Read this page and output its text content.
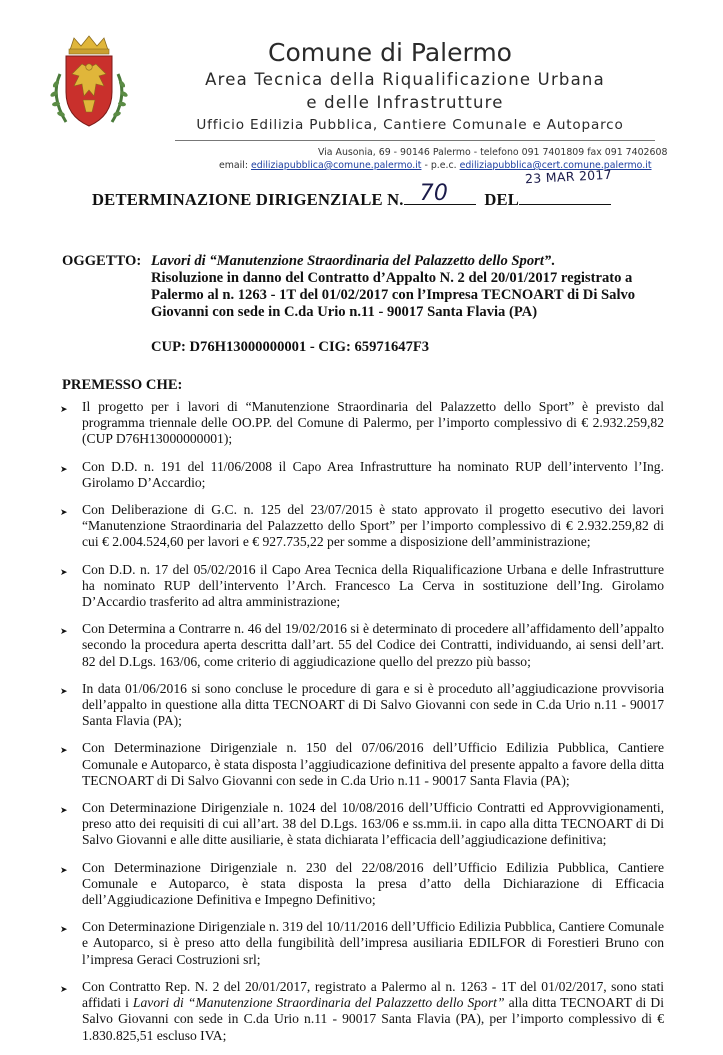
Comune di Palermo
Area Tecnica della Riqualificazione Urbana
e delle Infrastrutture
Ufficio Edilizia Pubblica, Cantiere Comunale e Autoparco
Via Ausonia, 69 - 90146 Palermo - telefono 091 7401809 fax 091 7402608
email: ediliziapubblica@comune.palermo.it - p.e.c. ediliziapubblica@cert.comune.palermo.it
DETERMINAZIONE DIRIGENZIALE N. 70 DEL
23 MAR 2017
OGGETTO: Lavori di “Manutenzione Straordinaria del Palazzetto dello Sport”.
Risoluzione in danno del Contratto d’Appalto N. 2 del 20/01/2017 registrato a Palermo al n. 1263 - 1T del 01/02/2017 con l’Impresa TECNOART di Di Salvo Giovanni con sede in C.da Urio n.11 - 90017 Santa Flavia (PA)
CUP: D76H13000000001 - CIG: 65971647F3
PREMESSO CHE:
➤ Il progetto per i lavori di “Manutenzione Straordinaria del Palazzetto dello Sport” è previsto dal programma triennale delle OO.PP. del Comune di Palermo, per l’importo complessivo di € 2.932.259,82 (CUP D76H13000000001);
➤ Con D.D. n. 191 del 11/06/2008 il Capo Area Infrastrutture ha nominato RUP dell’intervento l’Ing. Girolamo D’Accardio;
➤ Con Deliberazione di G.C. n. 125 del 23/07/2015 è stato approvato il progetto esecutivo dei lavori “Manutenzione Straordinaria del Palazzetto dello Sport” per l’importo complessivo di € 2.932.259,82 di cui € 2.004.524,60 per lavori e € 927.735,22 per somme a disposizione dell’amministrazione;
➤ Con D.D. n. 17 del 05/02/2016 il Capo Area Tecnica della Riqualificazione Urbana e delle Infrastrutture ha nominato RUP dell’intervento l’Arch. Francesco La Cerva in sostituzione dell’Ing. Girolamo D’Accardio trasferito ad altra amministrazione;
➤ Con Determina a Contrarre n. 46 del 19/02/2016 si è determinato di procedere all’affidamento dell’appalto secondo la procedura aperta descritta dall’art. 55 del Codice dei Contratti, individuando, ai sensi dell’art. 82 del D.Lgs. 163/06, come criterio di aggiudicazione quello del prezzo più basso;
➤ In data 01/06/2016 si sono concluse le procedure di gara e si è proceduto all’aggiudicazione provvisoria dell’appalto in questione alla ditta TECNOART di Di Salvo Giovanni con sede in C.da Urio n.11 - 90017 Santa Flavia (PA);
➤ Con Determinazione Dirigenziale n. 150 del 07/06/2016 dell’Ufficio Edilizia Pubblica, Cantiere Comunale e Autoparco, è stata disposta l’aggiudicazione definitiva del presente appalto a favore della ditta TECNOART di Di Salvo Giovanni con sede in C.da Urio n.11 - 90017 Santa Flavia (PA);
➤ Con Determinazione Dirigenziale n. 1024 del 10/08/2016 dell’Ufficio Contratti ed Approvvigionamenti, preso atto dei requisiti di cui all’art. 38 del D.Lgs. 163/06 e ss.mm.ii. in capo alla ditta TECNOART di Di Salvo Giovanni e alle ditte ausiliarie, è stata dichiarata l’efficacia dell’aggiudicazione definitiva;
➤ Con Determinazione Dirigenziale n. 230 del 22/08/2016 dell’Ufficio Edilizia Pubblica, Cantiere Comunale e Autoparco, è stata disposta la presa d’atto della Dichiarazione di Efficacia dell’Aggiudicazione Definitiva e Impegno Definitivo;
➤ Con Determinazione Dirigenziale n. 319 del 10/11/2016 dell’Ufficio Edilizia Pubblica, Cantiere Comunale e Autoparco, si è preso atto della fungibilità dell’impresa ausiliaria EDILFOR di Forestieri Bruno con l’impresa Geraci Costruzioni srl;
➤ Con Contratto Rep. N. 2 del 20/01/2017, registrato a Palermo al n. 1263 - 1T del 01/02/2017, sono stati affidati i Lavori di “Manutenzione Straordinaria del Palazzetto dello Sport” alla ditta TECNOART di Di Salvo Giovanni con sede in C.da Urio n.11 - 90017 Santa Flavia (PA), per l’importo complessivo di € 1.830.825,51 escluso IVA;
